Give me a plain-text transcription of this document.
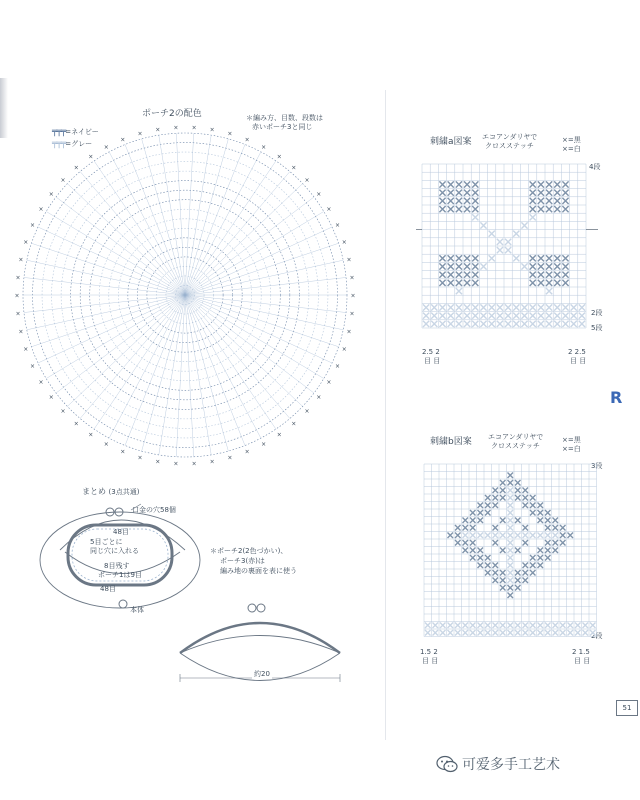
ポーチ2の配色
╤╤╤ =ネイビー
╤╤╤ =グレー
＊編み方、目数、段数は
赤いポーチ3と同じ
×
×
×
×
×
×
×
×
×
×
×
×
×
×
×
×
×
×
×
×
×
×
×
×
×
×
×
×
×
×
×
×
×
×
×
×
×
×
×
×
×
×
× × × ×
×
×
×
×
×
×
×
×
×
×
×
×
まとめ (3点共通)
口金の穴58個
48目
5目ごとに
同じ穴に入れる
8目残す
ポーチ1は9目
48目
本体
＊ポーチ2(2色づかい)、
ポーチ3(赤)は
編み地の裏面を表に使う
約20
刺繍a図案 エコアンダリヤで
クロスステッチ
×=黒
×=白
4段
2段
5段
2.5 2
目 目
2 2.5
目 目
R
刺繍b図案 エコアンダリヤで
クロスステッチ
×=黒
×=白
3段
2段
1.5 2
目 目
2 1.5
目 目
51
可爱多手工艺术
